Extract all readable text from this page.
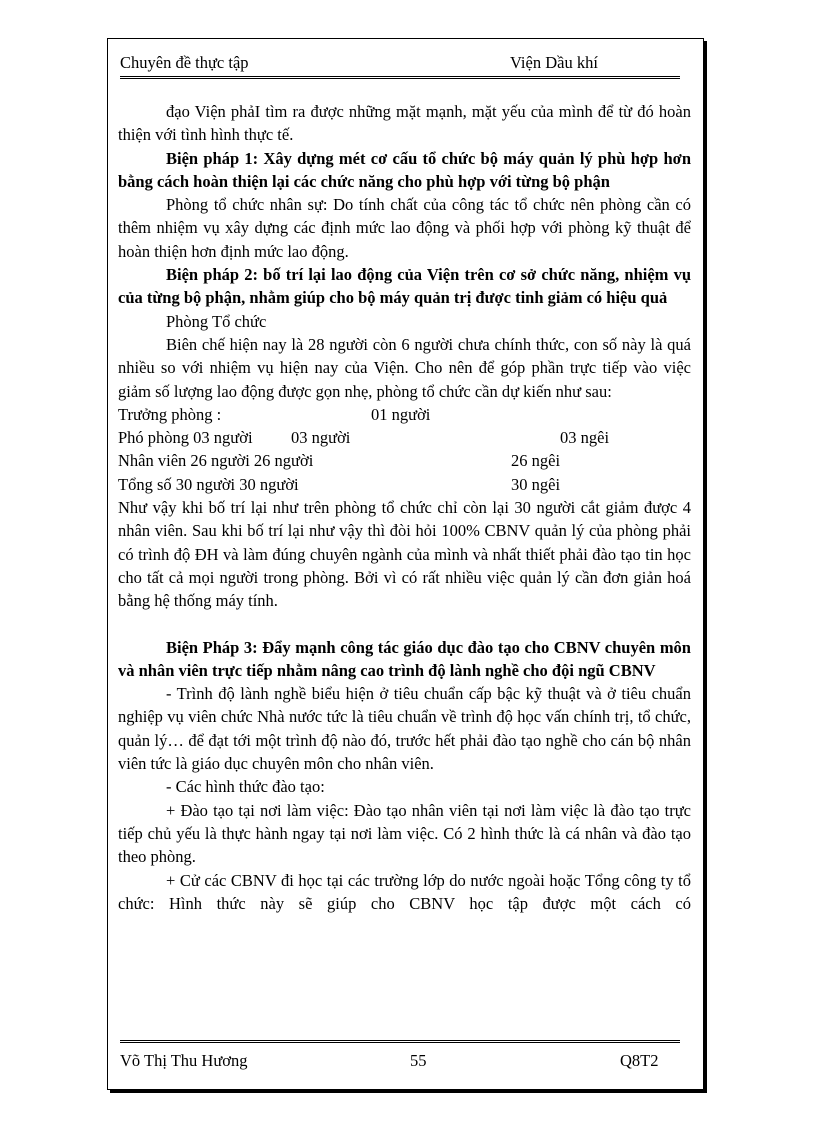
Chuyên đề thực tập	Viện Dầu khí

đạo Viện phảI tìm ra được những mặt mạnh, mặt yếu của mình để từ đó hoàn thiện với tình hình thực tế.

Biện pháp 1: Xây dựng mét cơ cấu tổ chức bộ máy quản lý phù hợp hơn bằng cách hoàn thiện lại các chức năng cho phù hợp với từng bộ phận

Phòng tổ chức nhân sự: Do tính chất của công tác tổ chức nên phòng cần có thêm nhiệm vụ xây dựng các định mức lao động và phối hợp với phòng kỹ thuật để hoàn thiện hơn định mức lao động.

Biện pháp 2: bố trí lại lao động của Viện trên cơ sở chức năng, nhiệm vụ của từng bộ phận, nhằm giúp cho bộ máy quản trị được tinh giảm có hiệu quả

Phòng Tổ chức

Biên chế hiện nay là 28 người còn 6 người chưa chính thức, con số này là quá nhiều so với nhiệm vụ hiện nay của Viện. Cho nên để góp phần trực tiếp vào việc giảm số lượng lao động được gọn nhẹ, phòng tổ chức cần dự kiến như sau:

Trưởng phòng :	01 người
Phó phòng 03 người 03 người	03 ngêi
Nhân viên 26 người 26 người	26 ngêi
Tổng số 30 người 30 người	30 ngêi

Như vậy khi bố trí lại như trên phòng tổ chức chỉ còn lại 30 người cắt giảm được 4 nhân viên. Sau khi bố trí lại như vậy thì đòi hỏi 100% CBNV quản lý của phòng phải có trình độ ĐH và làm đúng chuyên ngành của mình và nhất thiết phải đào tạo tin học cho tất cả mọi người trong phòng. Bởi vì có rất nhiều việc quản lý cần đơn giản hoá bằng hệ thống máy tính.

Biện Pháp 3: Đẩy mạnh công tác giáo dục đào tạo cho CBNV chuyên môn và nhân viên trực tiếp nhằm nâng cao trình độ lành nghề cho đội ngũ CBNV

- Trình độ lành nghề biểu hiện ở tiêu chuẩn cấp bậc kỹ thuật và ở tiêu chuẩn nghiệp vụ viên chức Nhà nước tức là tiêu chuẩn về trình độ học vấn chính trị, tổ chức, quản lý… để đạt tới một trình độ nào đó, trước hết phải đào tạo nghề cho cán bộ nhân viên tức là giáo dục chuyên môn cho nhân viên.

- Các hình thức đào tạo:

+ Đào tạo tại nơi làm việc: Đào tạo nhân viên tại nơi làm việc là đào tạo trực tiếp chủ yếu là thực hành ngay tại nơi làm việc. Có 2 hình thức là cá nhân và đào tạo theo phòng.

+ Cử các CBNV đi học tại các trường lớp do nước ngoài hoặc Tổng công ty tổ chức: Hình thức này sẽ giúp cho CBNV học tập được một cách có

Võ Thị Thu Hương	55	Q8T2
